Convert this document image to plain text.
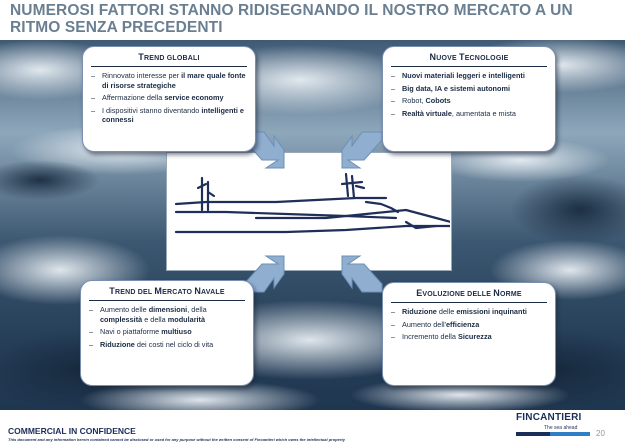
NUMEROSI FATTORI STANNO RIDISEGNANDO IL NOSTRO MERCATO A UN RITMO SENZA PRECEDENTI
TREND GLOBALI
– Rinnovato interesse per il mare quale fonte di risorse strategiche
– Affermazione della service economy
– I dispositivi stanno diventando intelligenti e connessi
NUOVE TECNOLOGIE
– Nuovi materiali leggeri e intelligenti
– Big data, IA e sistemi autonomi
– Robot, Cobots
– Realtà virtuale, aumentata e mista
TREND DEL MERCATO NAVALE
– Aumento delle dimensioni, della complessità e della modularità
– Navi o piattaforme multiuso
– Riduzione dei costi nel ciclo di vita
EVOLUZIONE DELLE NORME
– Riduzione delle emissioni inquinanti
– Aumento dell'efficienza
– Incremento della Sicurezza
COMMERCIAL IN CONFIDENCE
This document and any information herein contained cannot be disclosed or used for any purpose without the written consent of Fincantieri which owns the intellectual property
FINCANTIERI
The sea ahead
20
